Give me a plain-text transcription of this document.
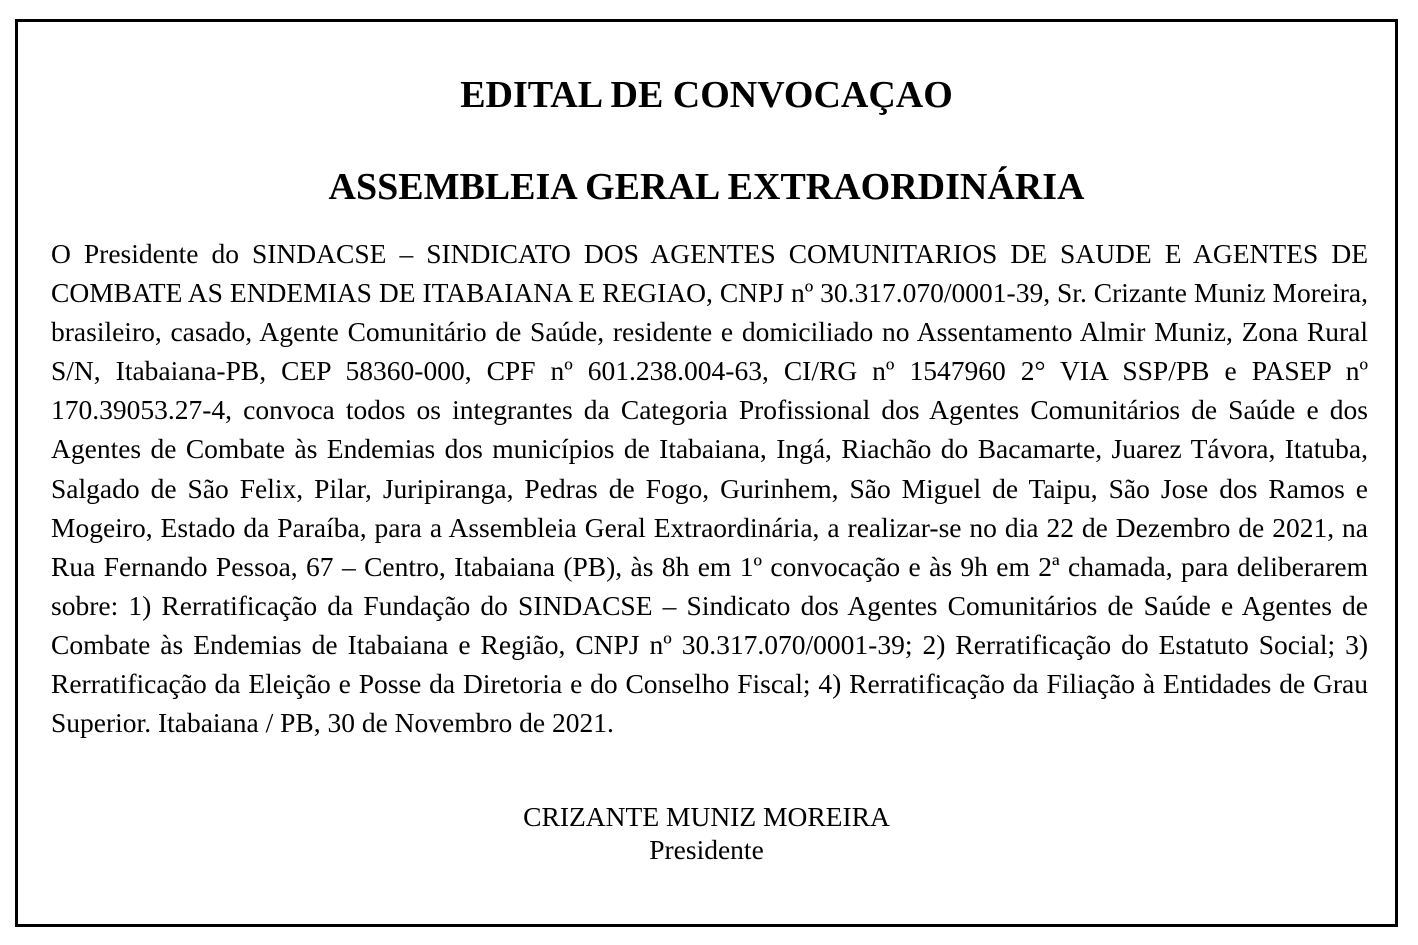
EDITAL DE CONVOCAÇAO
ASSEMBLEIA GERAL EXTRAORDINÁRIA

O Presidente do SINDACSE – SINDICATO DOS AGENTES COMUNITARIOS DE SAUDE E AGENTES DE COMBATE AS ENDEMIAS DE ITABAIANA E REGIAO, CNPJ nº 30.317.070/0001-39, Sr. Crizante Muniz Moreira, brasileiro, casado, Agente Comunitário de Saúde, residente e domiciliado no Assentamento Almir Muniz, Zona Rural S/N, Itabaiana-PB, CEP 58360-000, CPF nº 601.238.004-63, CI/RG nº 1547960 2° VIA SSP/PB e PASEP nº 170.39053.27-4, convoca todos os integrantes da Categoria Profissional dos Agentes Comunitários de Saúde e dos Agentes de Combate às Endemias dos municípios de Itabaiana, Ingá, Riachão do Bacamarte, Juarez Távora, Itatuba, Salgado de São Felix, Pilar, Juripiranga, Pedras de Fogo, Gurinhem, São Miguel de Taipu, São Jose dos Ramos e Mogeiro, Estado da Paraíba, para a Assembleia Geral Extraordinária, a realizar-se no dia 22 de Dezembro de 2021, na Rua Fernando Pessoa, 67 – Centro, Itabaiana (PB), às 8h em 1º convocação e às 9h em 2ª chamada, para deliberarem sobre: 1) Rerratificação da Fundação do SINDACSE – Sindicato dos Agentes Comunitários de Saúde e Agentes de Combate às Endemias de Itabaiana e Região, CNPJ nº 30.317.070/0001-39; 2) Rerratificação do Estatuto Social; 3) Rerratificação da Eleição e Posse da Diretoria e do Conselho Fiscal; 4) Rerratificação da Filiação à Entidades de Grau Superior. Itabaiana / PB, 30 de Novembro de 2021.

CRIZANTE MUNIZ MOREIRA

Presidente
